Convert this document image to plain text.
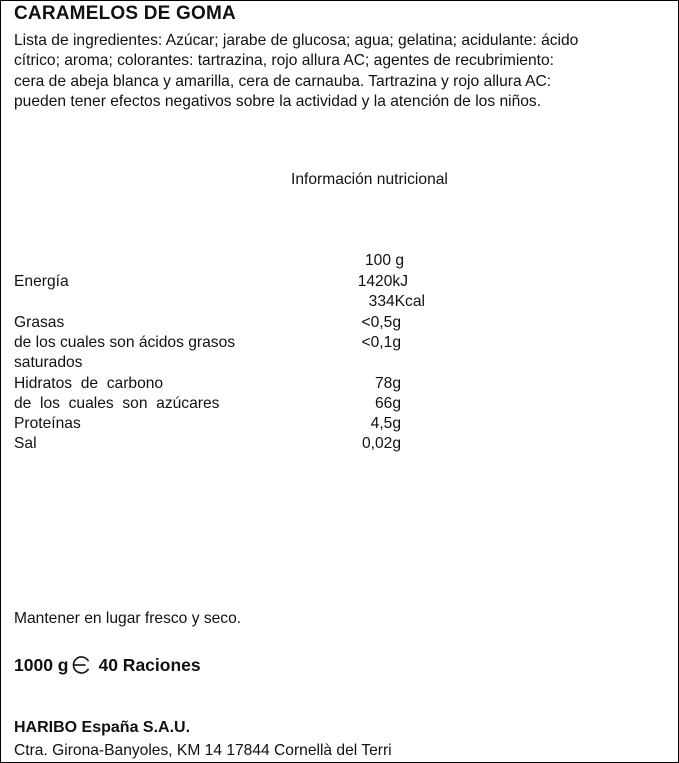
CARAMELOS DE GOMA
Lista de ingredientes: Azúcar; jarabe de glucosa; agua; gelatina; acidulante: ácido
cítrico; aroma; colorantes: tartrazina, rojo allura AC; agentes de recubrimiento:
cera de abeja blanca y amarilla, cera de carnauba. Tartrazina y rojo allura AC:
pueden tener efectos negativos sobre la actividad y la atención de los niños.
Información nutricional
100 g
Energía	1420kJ
334Kcal
Grasas	<0,5g
de los cuales son ácidos grasos	<0,1g
saturados
Hidratos  de  carbono	78g
de  los  cuales  son  azúcares	66g
Proteínas	4,5g
Sal	0,02g
Mantener en lugar fresco y seco.
1000 g 40 Raciones
HARIBO España S.A.U.
Ctra. Girona-Banyoles, KM 14 17844 Cornellà del Terri
